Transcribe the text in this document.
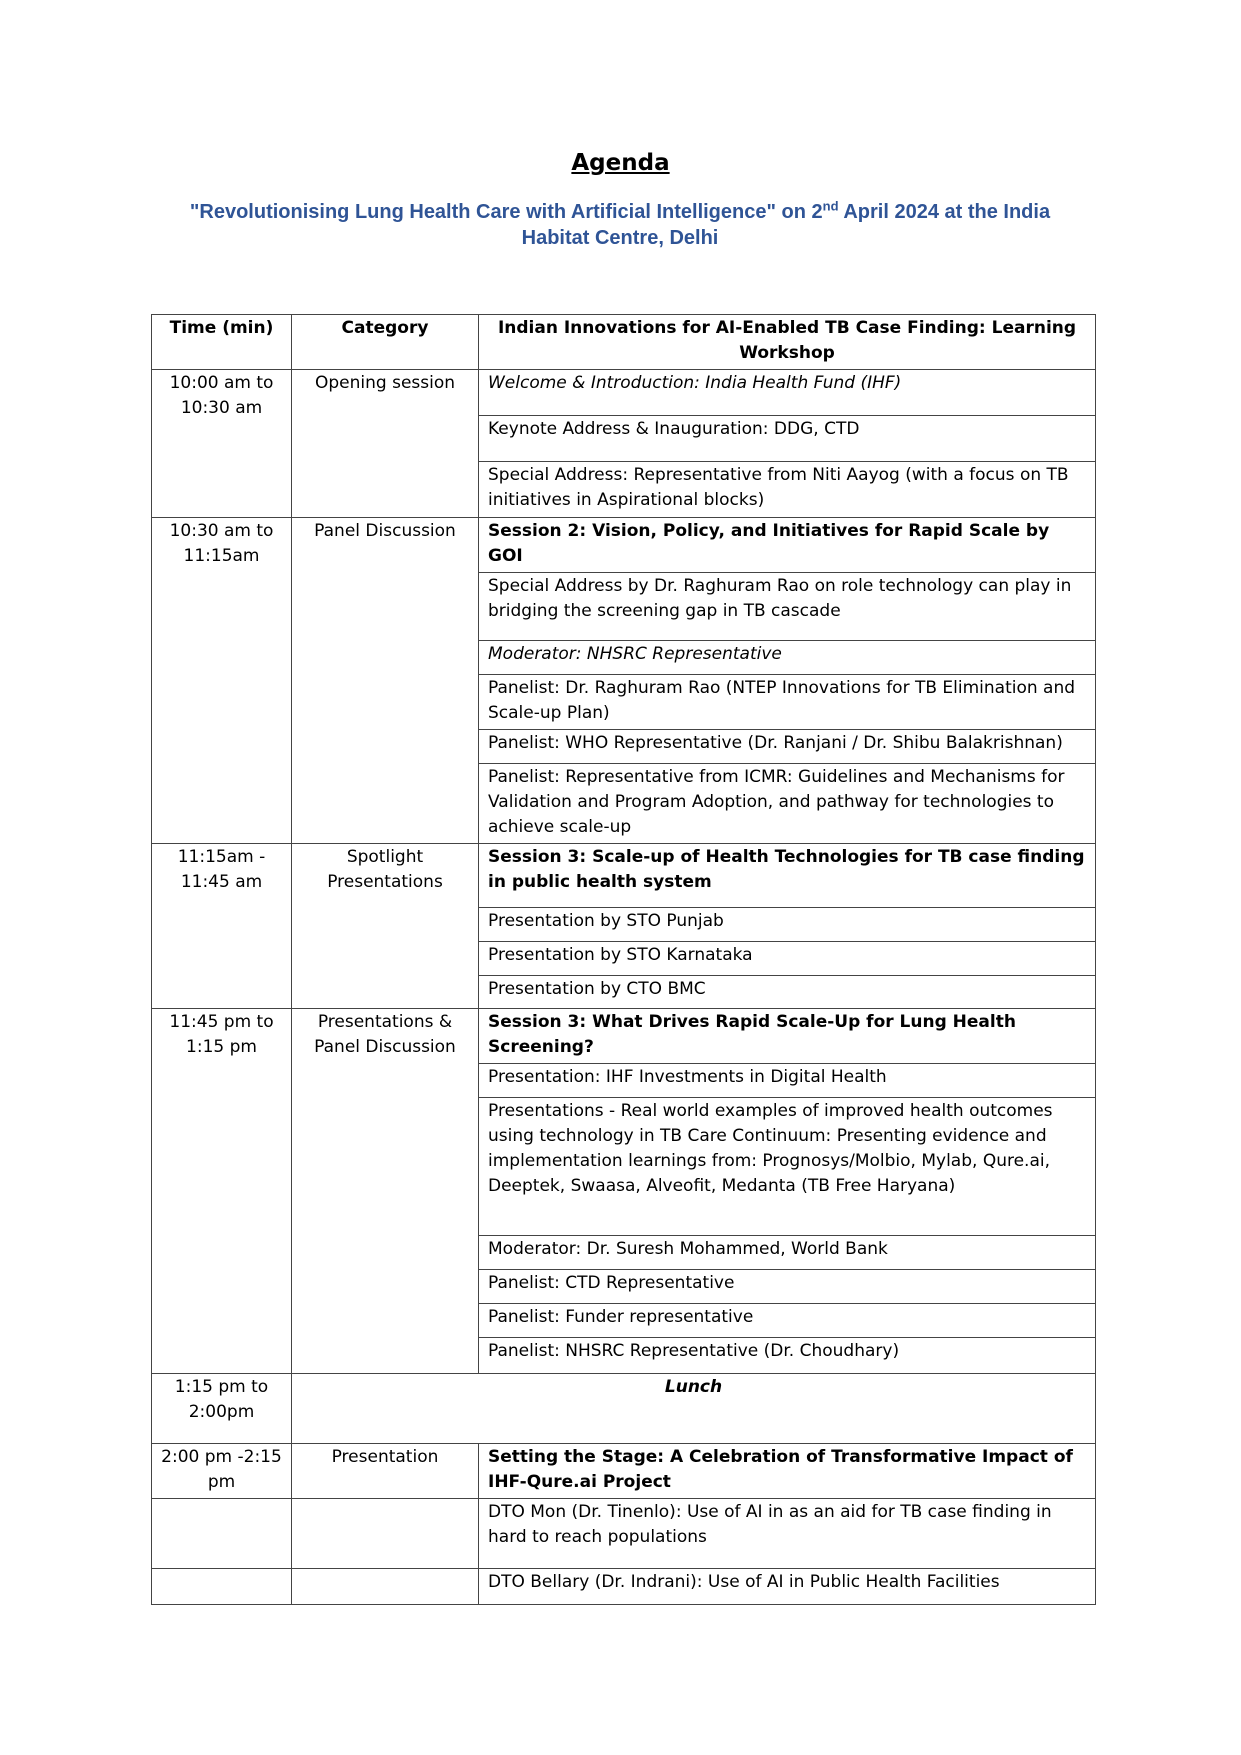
Agenda
"Revolutionising Lung Health Care with Artificial Intelligence" on 2nd April 2024 at the India
Habitat Centre, Delhi
Time (min)	Category	Indian Innovations for AI-Enabled TB Case Finding: Learning Workshop
10:00 am to 10:30 am	Opening session	Welcome & Introduction: India Health Fund (IHF)
		Keynote Address & Inauguration: DDG, CTD
		Special Address: Representative from Niti Aayog (with a focus on TB initiatives in Aspirational blocks)
10:30 am to 11:15am	Panel Discussion	Session 2: Vision, Policy, and Initiatives for Rapid Scale by GOI
		Special Address by Dr. Raghuram Rao on role technology can play in bridging the screening gap in TB cascade
		Moderator: NHSRC Representative
		Panelist: Dr. Raghuram Rao (NTEP Innovations for TB Elimination and Scale-up Plan)
		Panelist: WHO Representative (Dr. Ranjani / Dr. Shibu Balakrishnan)
		Panelist: Representative from ICMR: Guidelines and Mechanisms for Validation and Program Adoption, and pathway for technologies to achieve scale-up
11:15am - 11:45 am	Spotlight Presentations	Session 3: Scale-up of Health Technologies for TB case finding in public health system
		Presentation by STO Punjab
		Presentation by STO Karnataka
		Presentation by CTO BMC
11:45 pm to 1:15 pm	Presentations & Panel Discussion	Session 3: What Drives Rapid Scale-Up for Lung Health Screening?
		Presentation: IHF Investments in Digital Health
		Presentations - Real world examples of improved health outcomes using technology in TB Care Continuum: Presenting evidence and implementation learnings from: Prognosys/Molbio, Mylab, Qure.ai, Deeptek, Swaasa, Alveofit, Medanta (TB Free Haryana)
		Moderator: Dr. Suresh Mohammed, World Bank
		Panelist: CTD Representative
		Panelist: Funder representative
		Panelist: NHSRC Representative (Dr. Choudhary)
1:15 pm to 2:00pm	Lunch	
2:00 pm -2:15 pm	Presentation	Setting the Stage: A Celebration of Transformative Impact of IHF-Qure.ai Project
		DTO Mon (Dr. Tinenlo): Use of AI in as an aid for TB case finding in hard to reach populations
		DTO Bellary (Dr. Indrani): Use of AI in Public Health Facilities
